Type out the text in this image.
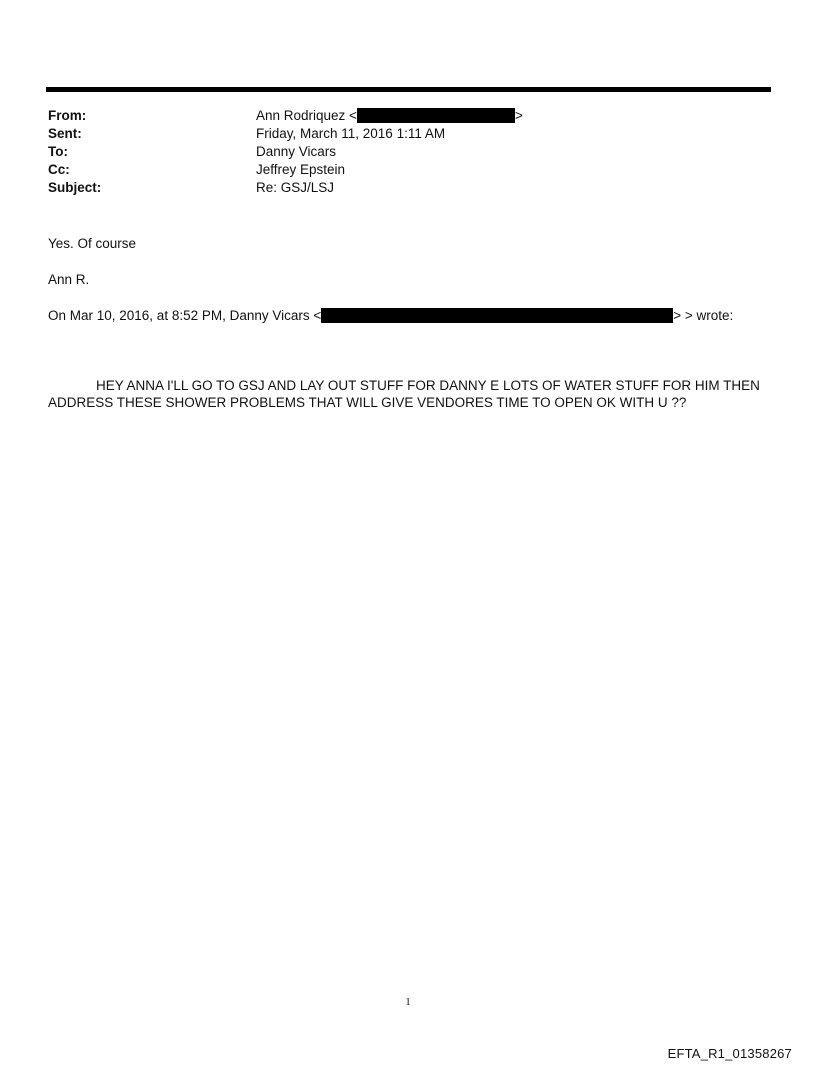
From:	Ann Rodriquez <	>
Sent:	Friday, March 11, 2016 1:11 AM
To:	Danny Vicars
Cc:	Jeffrey Epstein
Subject:	Re: GSJ/LSJ
Yes. Of course
Ann R.
On Mar 10, 2016, at 8:52 PM, Danny Vicars <	> > wrote:
HEY ANNA I'LL GO TO GSJ AND LAY OUT STUFF FOR DANNY E LOTS OF WATER STUFF FOR HIM THEN ADDRESS THESE SHOWER PROBLEMS THAT WILL GIVE VENDORES TIME TO OPEN OK WITH U ??
1
EFTA_R1_01358267
